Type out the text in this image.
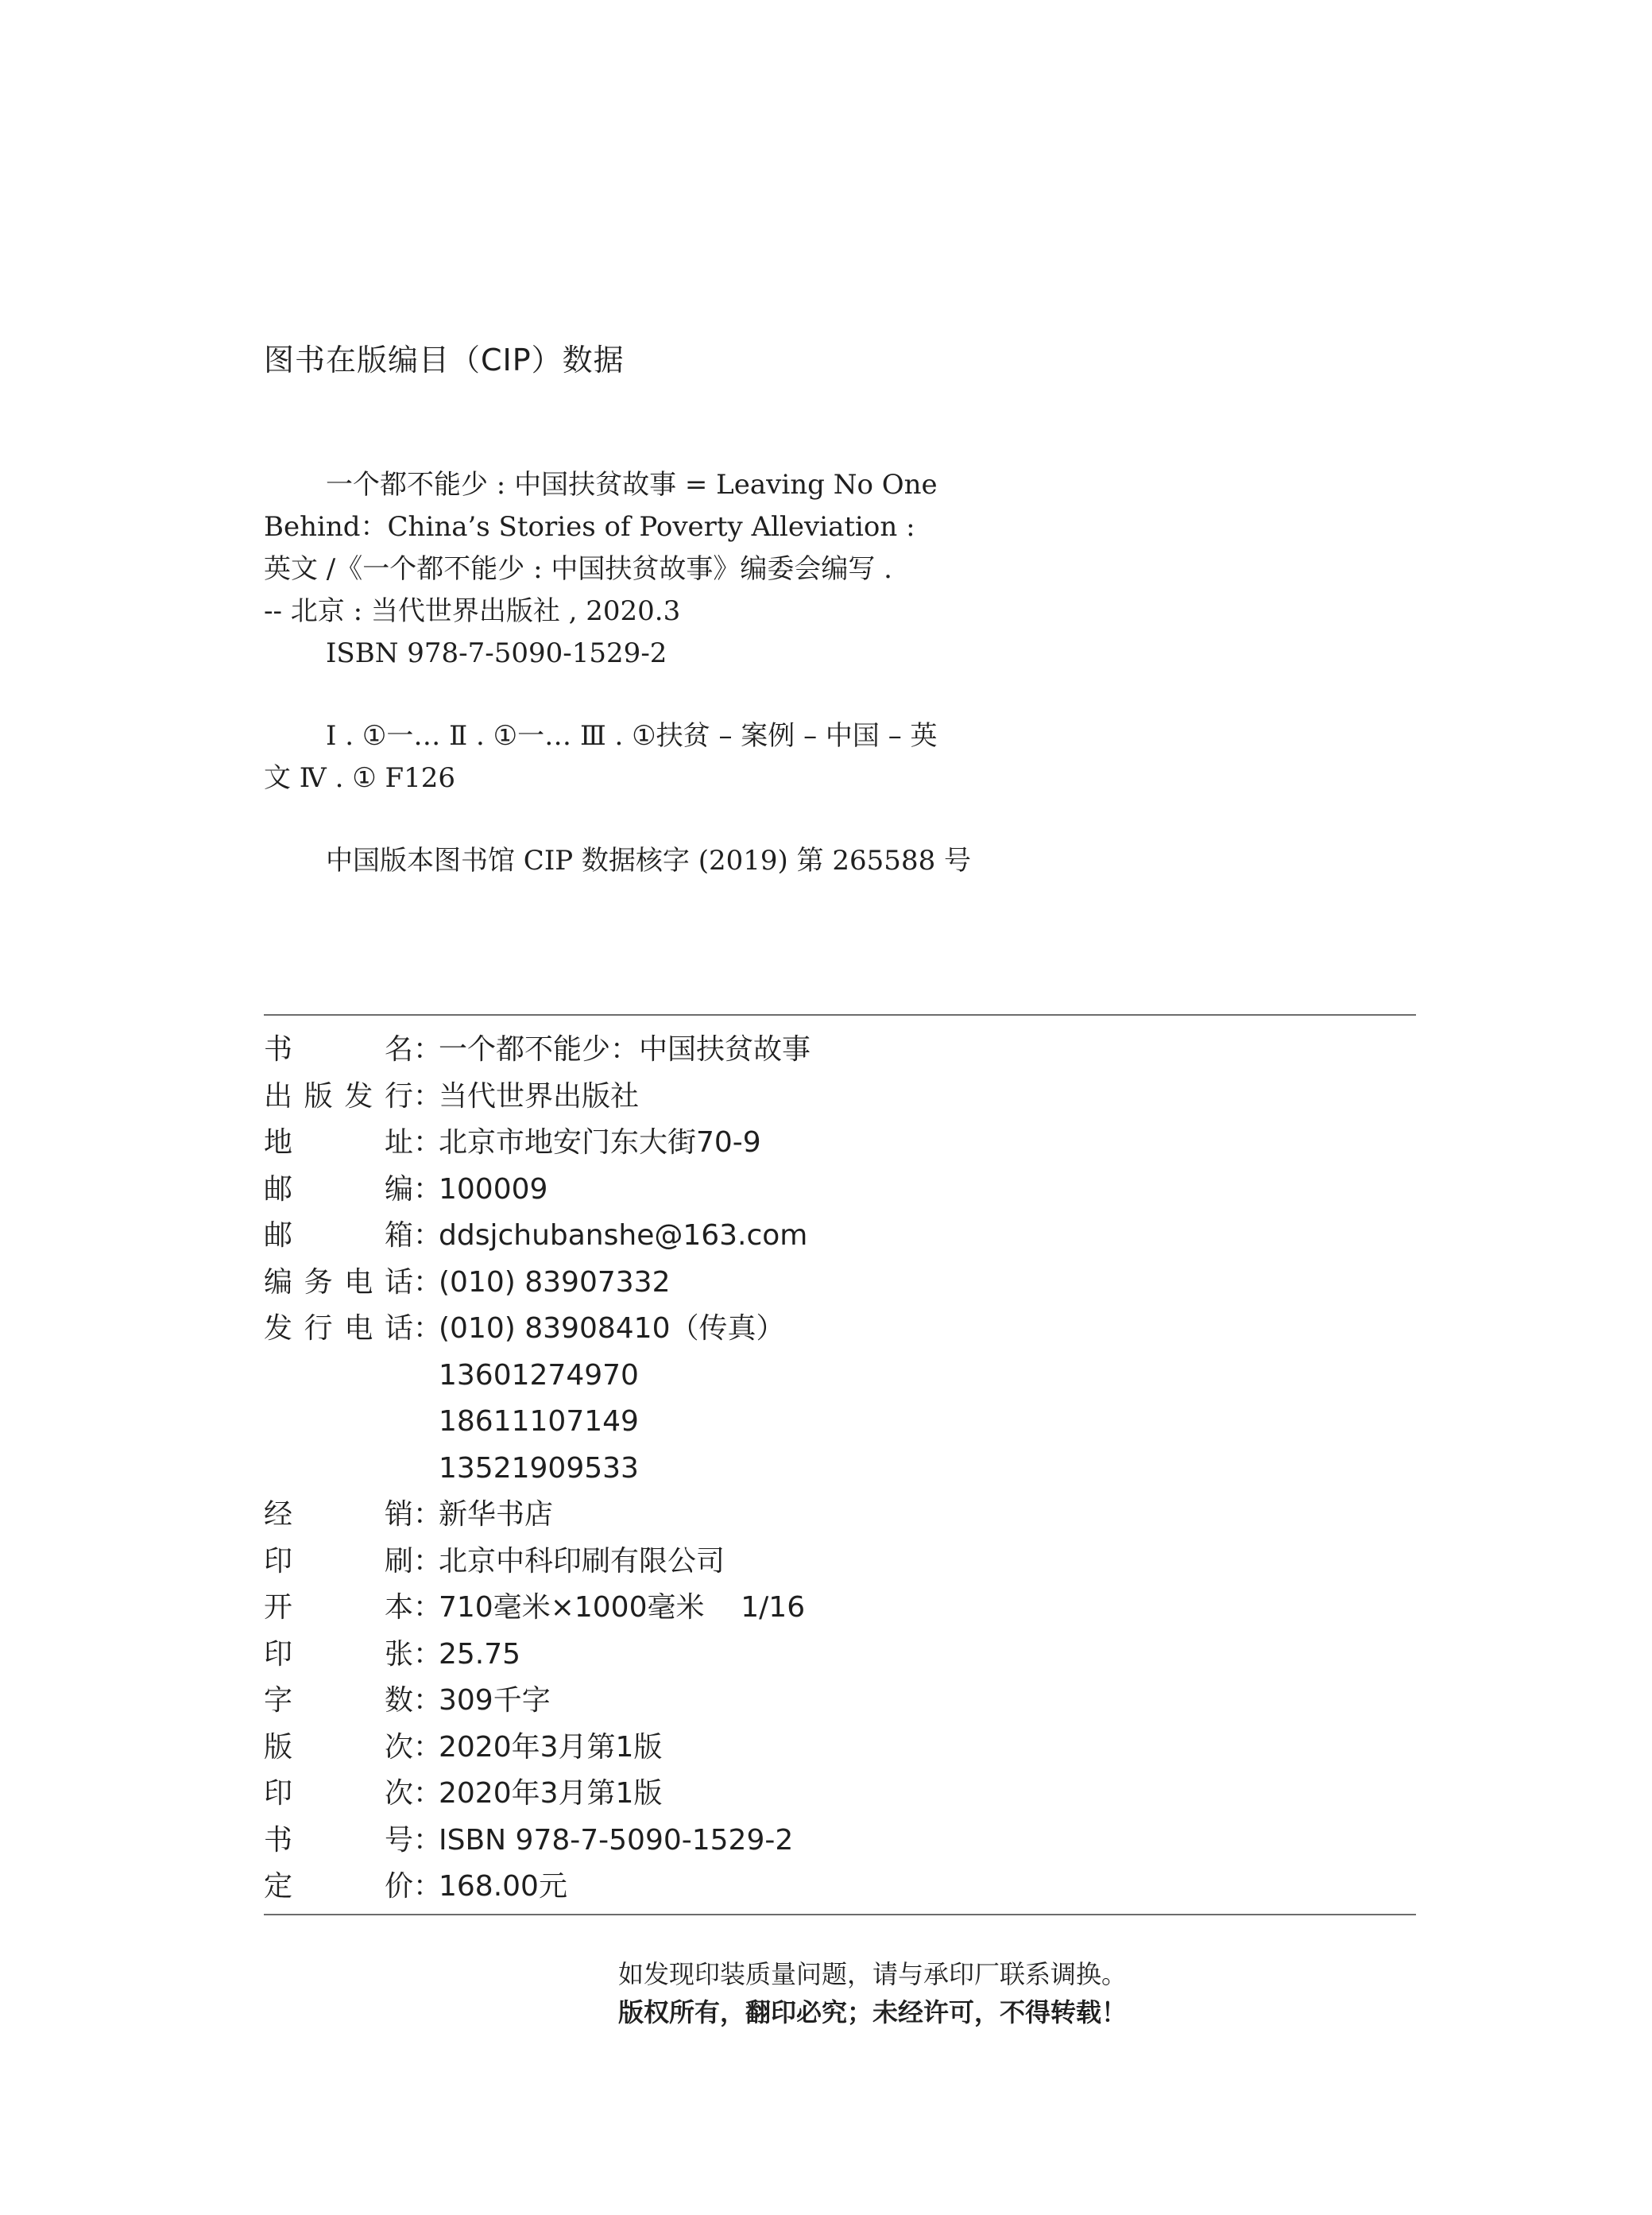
图书在版编目（CIP）数据
一个都不能少 : 中国扶贫故事 = Leaving No One
Behind：China’s Stories of Poverty Alleviation :
英文 /《一个都不能少 : 中国扶贫故事》编委会编写 .
-- 北京 : 当代世界出版社 , 2020.3
ISBN 978-7-5090-1529-2
Ⅰ . ①一… Ⅱ . ①一… Ⅲ . ①扶贫 – 案例 – 中国 – 英
文 Ⅳ . ① F126
中国版本图书馆 CIP 数据核字 (2019) 第 265588 号
书	名 ：
一个都不能少：中国扶贫故事
出 版 发 行 ：
当代世界出版社
地	址 ：
北京市地安门东大街70-9
邮	编 ：
100009
邮	箱 ：
ddsjchubanshe@163.com
编 务 电 话 ：
(010) 83907332
发 行 电 话 ：
(010) 83908410（传真）
13601274970
18611107149
13521909533
经	销 ：
新华书店
印	刷 ：
北京中科印刷有限公司
开	本 ：
710毫米×1000毫米    1/16
印	张 ：
25.75
字	数 ：
309千字
版	次 ：
2020年3月第1版
印	次 ：
2020年3月第1版
书	号 ：
ISBN 978-7-5090-1529-2
定	价 ：
168.00元
如发现印装质量问题，请与承印厂联系调换。
版权所有，翻印必究；未经许可，不得转载！
